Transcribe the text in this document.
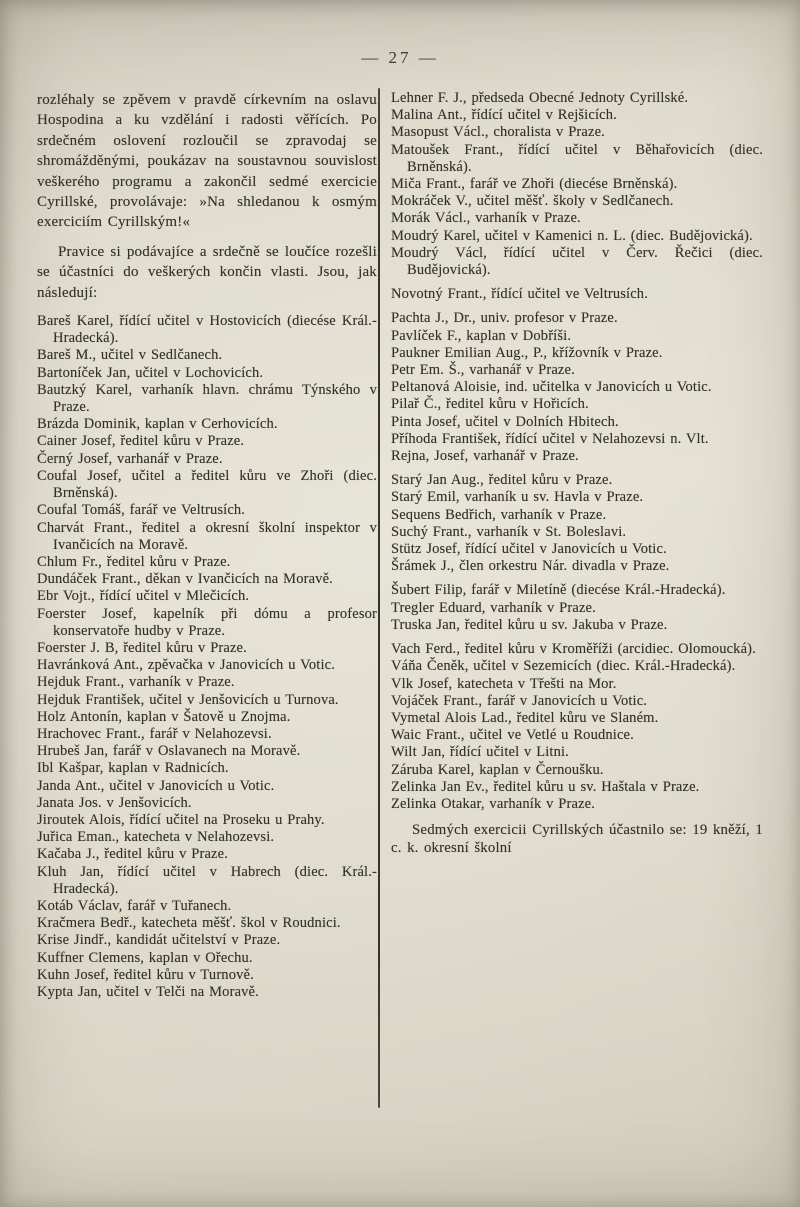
— 27 —

rozléhaly se zpěvem v pravdě církevním na oslavu Hospodina a ku vzdělání i radosti věřících. Po srdečném oslovení rozloučil se zpravodaj se shromážděnými, poukázav na soustavnou souvislost veškerého programu a zakončil sedmé exercicie Cyrillské, provolávaje: »Na shledanou k osmým exerciciím Cyrillským!«

Pravice si podávajíce a srdečně se loučíce rozešli se účastníci do veškerých končin vlasti. Jsou, jak následují:

Bareš Karel, řídící učitel v Hostovicích (diecése Král.-Hradecká).
Bareš M., učitel v Sedlčanech.
Bartoníček Jan, učitel v Lochovicích.
Bautzký Karel, varhaník hlavn. chrámu Týnského v Praze.
Brázda Dominik, kaplan v Cerhovicích.
Cainer Josef, ředitel kůru v Praze.
Černý Josef, varhanář v Praze.
Coufal Josef, učitel a ředitel kůru ve Zhoři (diec. Brněnská).
Coufal Tomáš, farář ve Veltrusích.
Charvát Frant., ředitel a okresní školní inspektor v Ivančicích na Moravě.
Chlum Fr., ředitel kůru v Praze.
Dundáček Frant., děkan v Ivančicích na Moravě.
Ebr Vojt., řídící učitel v Mlečicích.
Foerster Josef, kapelník při dómu a profesor konservatoře hudby v Praze.
Foerster J. B, ředitel kůru v Praze.
Havránková Ant., zpěvačka v Janovicích u Votic.
Hejduk Frant., varhaník v Praze.
Hejduk František, učitel v Jenšovicích u Turnova.
Holz Antonín, kaplan v Šatově u Znojma.
Hrachovec Frant., farář v Nelahozevsi.
Hrubeš Jan, farář v Oslavanech na Moravě.
Ibl Kašpar, kaplan v Radnicích.
Janda Ant., učitel v Janovicích u Votic.
Janata Jos. v Jenšovicích.
Jiroutek Alois, řídící učitel na Proseku u Prahy.
Juřica Eman., katecheta v Nelahozevsi.
Kačaba J., ředitel kůru v Praze.
Kluh Jan, řídící učitel v Habrech (diec. Král.-Hradecká).
Kotáb Václav, farář v Tuřanech.
Kračmera Bedř., katecheta měšť. škol v Roudnici.
Krise Jindř., kandidát učitelství v Praze.
Kuffner Clemens, kaplan v Ořechu.
Kuhn Josef, ředitel kůru v Turnově.
Kypta Jan, učitel v Telči na Moravě.
Lehner F. J., předseda Obecné Jednoty Cyrillské.
Malina Ant., řídící učitel v Rejšicích.
Masopust Václ., choralista v Praze.
Matoušek Frant., řídící učitel v Běhařovicích (diec. Brněnská).
Miča Frant., farář ve Zhoři (diecése Brněnská).
Mokráček V., učitel měšť. školy v Sedlčanech.
Morák Václ., varhaník v Praze.
Moudrý Karel, učitel v Kamenici n. L. (diec. Budějovická).
Moudrý Václ, řídící učitel v Červ. Řečici (diec. Budějovická).
Novotný Frant., řídící učitel ve Veltrusích.
Pachta J., Dr., univ. profesor v Praze.
Pavlíček F., kaplan v Dobříši.
Paukner Emilian Aug., P., křížovník v Praze.
Petr Em. Š., varhanář v Praze.
Peltanová Aloisie, ind. učitelka v Janovicích u Votic.
Pilař Č., ředitel kůru v Hořicích.
Pinta Josef, učitel v Dolních Hbitech.
Příhoda František, řídící učitel v Nelahozevsi n. Vlt.
Rejna, Josef, varhanář v Praze.
Starý Jan Aug., ředitel kůru v Praze.
Starý Emil, varhaník u sv. Havla v Praze.
Sequens Bedřich, varhaník v Praze.
Suchý Frant., varhaník v St. Boleslavi.
Stütz Josef, řídící učitel v Janovicích u Votic.
Šrámek J., člen orkestru Nár. divadla v Praze.
Šubert Filip, farář v Miletíně (diecése Král.-Hradecká).
Tregler Eduard, varhaník v Praze.
Truska Jan, ředitel kůru u sv. Jakuba v Praze.
Vach Ferd., ředitel kůru v Kroměříži (arcidiec. Olomoucká).
Váňa Čeněk, učitel v Sezemicích (diec. Král.-Hradecká).
Vlk Josef, katecheta v Třešti na Mor.
Vojáček Frant., farář v Janovicích u Votic.
Vymetal Alois Lad., ředitel kůru ve Slaném.
Waic Frant., učitel ve Vetlé u Roudnice.
Wilt Jan, řídící učitel v Litni.
Záruba Karel, kaplan v Černoušku.
Zelinka Jan Ev., ředitel kůru u sv. Haštala v Praze.
Zelinka Otakar, varhaník v Praze.

Sedmých exercicii Cyrillských účastnilo se: 19 kněží, 1 c. k. okresní školní
